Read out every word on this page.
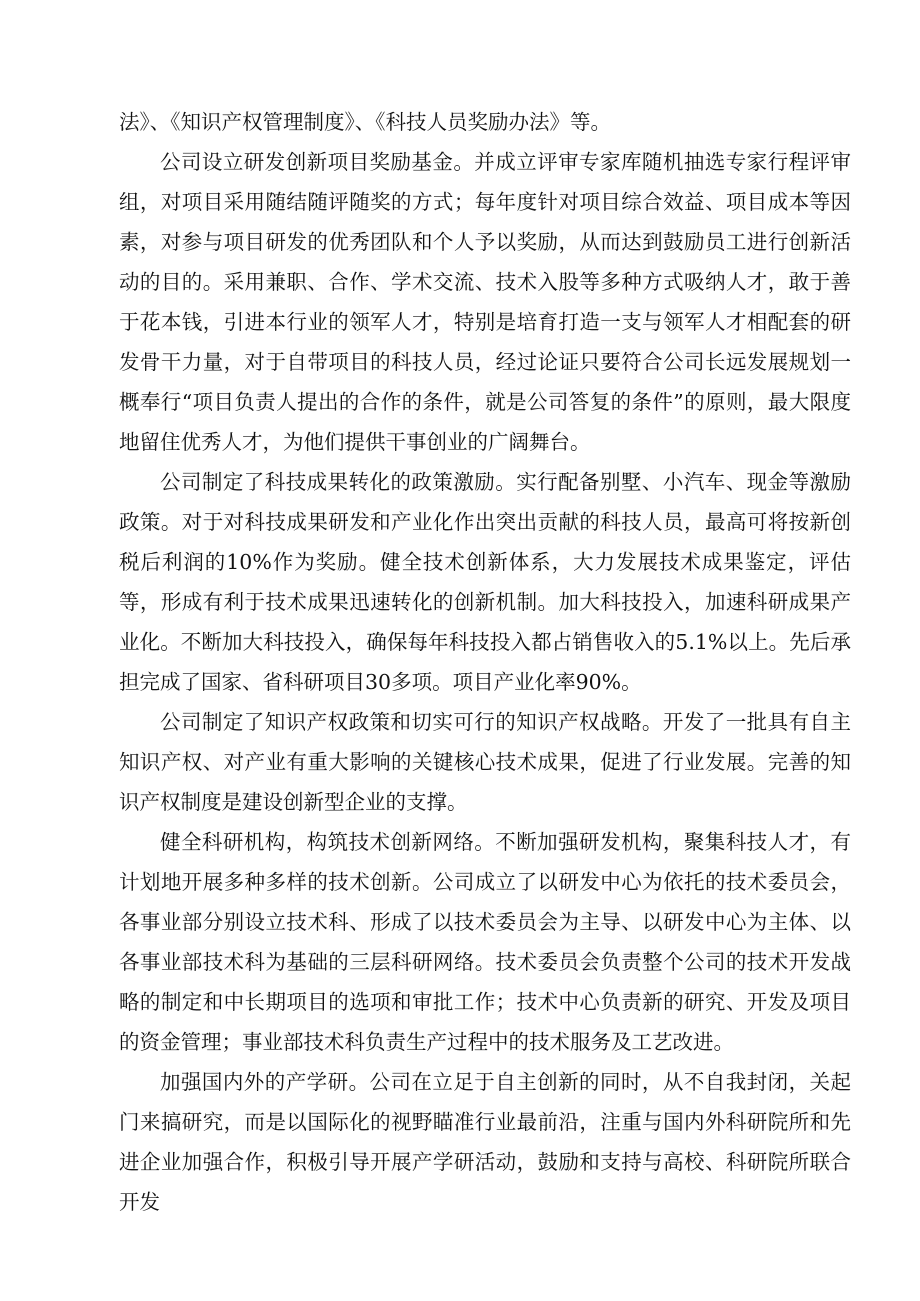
法》、《知识产权管理制度》、《科技人员奖励办法》等。

公司设立研发创新项目奖励基金。并成立评审专家库随机抽选专家行程评审组，对项目采用随结随评随奖的方式；每年度针对项目综合效益、项目成本等因素，对参与项目研发的优秀团队和个人予以奖励，从而达到鼓励员工进行创新活动的目的。采用兼职、合作、学术交流、技术入股等多种方式吸纳人才，敢于善于花本钱，引进本行业的领军人才，特别是培育打造一支与领军人才相配套的研发骨干力量，对于自带项目的科技人员，经过论证只要符合公司长远发展规划一概奉行“项目负责人提出的合作的条件，就是公司答复的条件”的原则，最大限度地留住优秀人才，为他们提供干事创业的广阔舞台。

公司制定了科技成果转化的政策激励。实行配备别墅、小汽车、现金等激励政策。对于对科技成果研发和产业化作出突出贡献的科技人员，最高可将按新创税后利润的10%作为奖励。健全技术创新体系，大力发展技术成果鉴定，评估等，形成有利于技术成果迅速转化的创新机制。加大科技投入，加速科研成果产业化。不断加大科技投入，确保每年科技投入都占销售收入的5.1%以上。先后承担完成了国家、省科研项目30多项。项目产业化率90%。

公司制定了知识产权政策和切实可行的知识产权战略。开发了一批具有自主知识产权、对产业有重大影响的关键核心技术成果，促进了行业发展。完善的知识产权制度是建设创新型企业的支撑。

健全科研机构，构筑技术创新网络。不断加强研发机构，聚集科技人才，有计划地开展多种多样的技术创新。公司成立了以研发中心为依托的技术委员会，各事业部分别设立技术科、形成了以技术委员会为主导、以研发中心为主体、以各事业部技术科为基础的三层科研网络。技术委员会负责整个公司的技术开发战略的制定和中长期项目的选项和审批工作；技术中心负责新的研究、开发及项目的资金管理；事业部技术科负责生产过程中的技术服务及工艺改进。

加强国内外的产学研。公司在立足于自主创新的同时，从不自我封闭，关起门来搞研究，而是以国际化的视野瞄准行业最前沿，注重与国内外科研院所和先进企业加强合作，积极引导开展产学研活动，鼓励和支持与高校、科研院所联合开发
